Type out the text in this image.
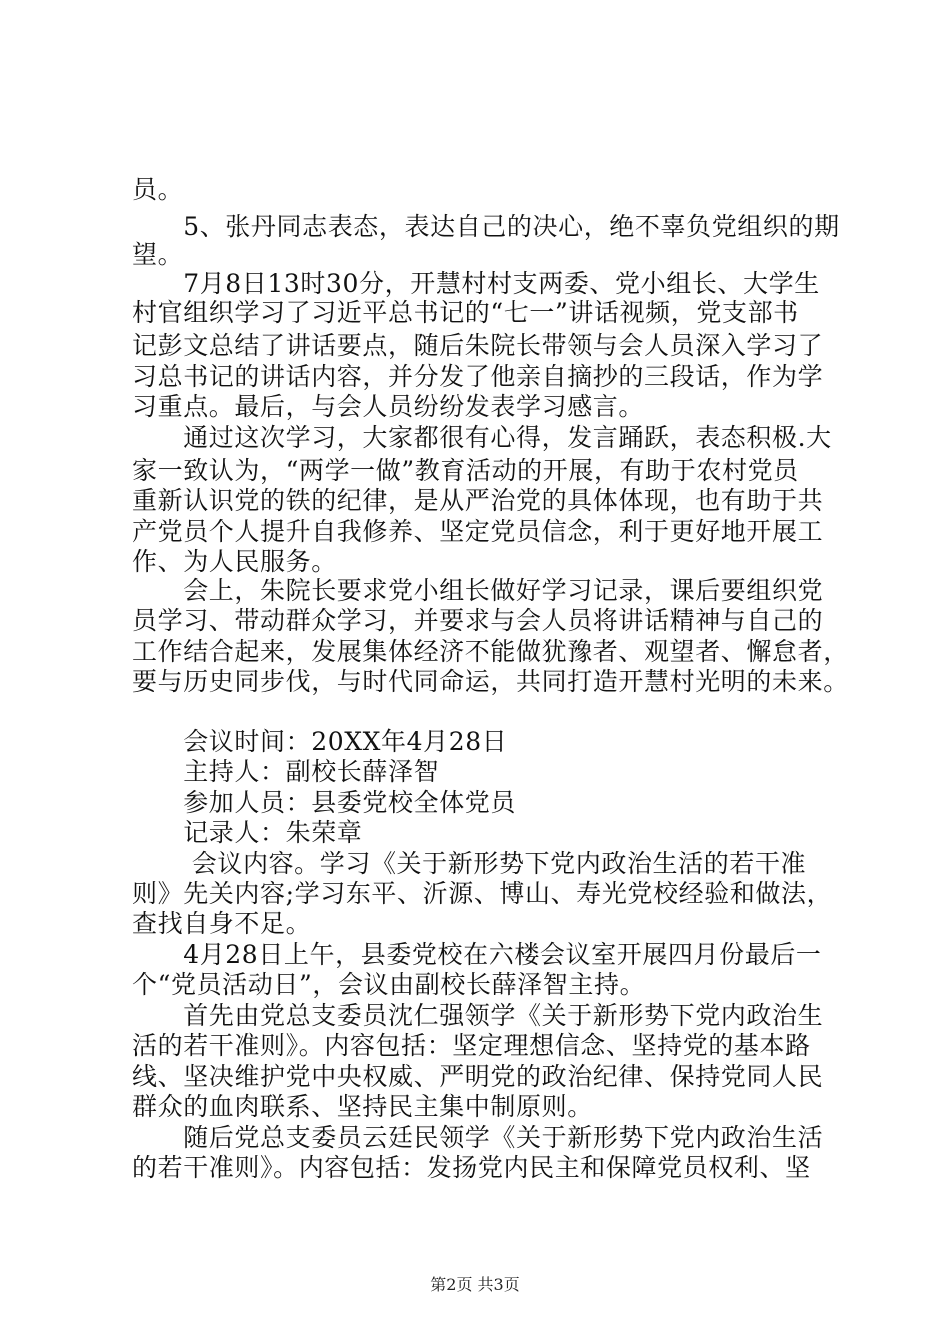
员。
　　5、张丹同志表态，表达自己的决心，绝不辜负党组织的期
望。
　　7月8日13时30分，开慧村村支两委、党小组长、大学生
村官组织学习了习近平总书记的“七一”讲话视频，党支部书
记彭文总结了讲话要点，随后朱院长带领与会人员深入学习了
习总书记的讲话内容，并分发了他亲自摘抄的三段话，作为学
习重点。最后，与会人员纷纷发表学习感言。
　　通过这次学习，大家都很有心得，发言踊跃，表态积极.大
家一致认为，“两学一做”教育活动的开展，有助于农村党员
重新认识党的铁的纪律，是从严治党的具体体现，也有助于共
产党员个人提升自我修养、坚定党员信念，利于更好地开展工
作、为人民服务。
　　会上，朱院长要求党小组长做好学习记录，课后要组织党
员学习、带动群众学习，并要求与会人员将讲话精神与自己的
工作结合起来，发展集体经济不能做犹豫者、观望者、懈怠者，
要与历史同步伐，与时代同命运，共同打造开慧村光明的未来。
　　会议时间：20XX年4月28日
　　主持人：副校长薛泽智
　　参加人员：县委党校全体党员
　　记录人：朱荣章
　　 会议内容。学习《关于新形势下党内政治生活的若干准
则》先关内容;学习东平、沂源、博山、寿光党校经验和做法，
查找自身不足。
　　4月28日上午，县委党校在六楼会议室开展四月份最后一
个“党员活动日”，会议由副校长薛泽智主持。
　　首先由党总支委员沈仁强领学《关于新形势下党内政治生
活的若干准则》。内容包括：坚定理想信念、坚持党的基本路
线、坚决维护党中央权威、严明党的政治纪律、保持党同人民
群众的血肉联系、坚持民主集中制原则。
　　随后党总支委员云廷民领学《关于新形势下党内政治生活
的若干准则》。内容包括：发扬党内民主和保障党员权利、坚
第2页 共3页
